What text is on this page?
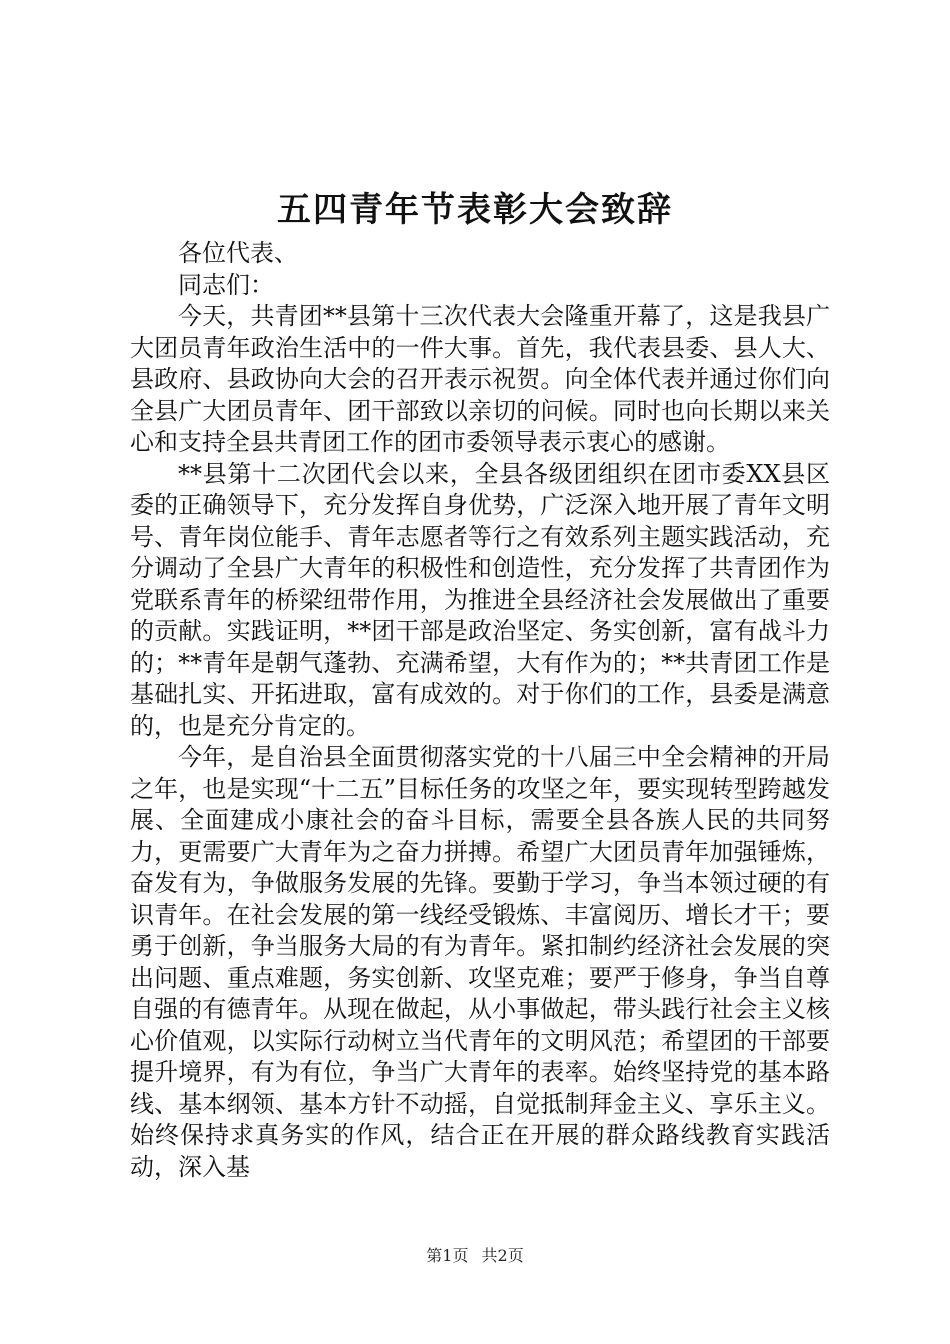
五四青年节表彰大会致辞

各位代表、

同志们：

今天，共青团**县第十三次代表大会隆重开幕了，这是我县广大团员青年政治生活中的一件大事。首先，我代表县委、县人大、县政府、县政协向大会的召开表示祝贺。向全体代表并通过你们向全县广大团员青年、团干部致以亲切的问候。同时也向长期以来关心和支持全县共青团工作的团市委领导表示衷心的感谢。

**县第十二次团代会以来，全县各级团组织在团市委XX县区委的正确领导下，充分发挥自身优势，广泛深入地开展了青年文明号、青年岗位能手、青年志愿者等行之有效系列主题实践活动，充分调动了全县广大青年的积极性和创造性，充分发挥了共青团作为党联系青年的桥梁纽带作用，为推进全县经济社会发展做出了重要的贡献。实践证明，**团干部是政治坚定、务实创新，富有战斗力的；**青年是朝气蓬勃、充满希望，大有作为的；**共青团工作是基础扎实、开拓进取，富有成效的。对于你们的工作，县委是满意的，也是充分肯定的。

今年，是自治县全面贯彻落实党的十八届三中全会精神的开局之年，也是实现“十二五”目标任务的攻坚之年，要实现转型跨越发展、全面建成小康社会的奋斗目标，需要全县各族人民的共同努力，更需要广大青年为之奋力拼搏。希望广大团员青年加强锤炼，奋发有为，争做服务发展的先锋。要勤于学习，争当本领过硬的有识青年。在社会发展的第一线经受锻炼、丰富阅历、增长才干；要勇于创新，争当服务大局的有为青年。紧扣制约经济社会发展的突出问题、重点难题，务实创新、攻坚克难；要严于修身，争当自尊自强的有德青年。从现在做起，从小事做起，带头践行社会主义核心价值观，以实际行动树立当代青年的文明风范；希望团的干部要提升境界，有为有位，争当广大青年的表率。始终坚持党的基本路线、基本纲领、基本方针不动摇，自觉抵制拜金主义、享乐主义。始终保持求真务实的作风，结合正在开展的群众路线教育实践活动，深入基

第1页 共2页
